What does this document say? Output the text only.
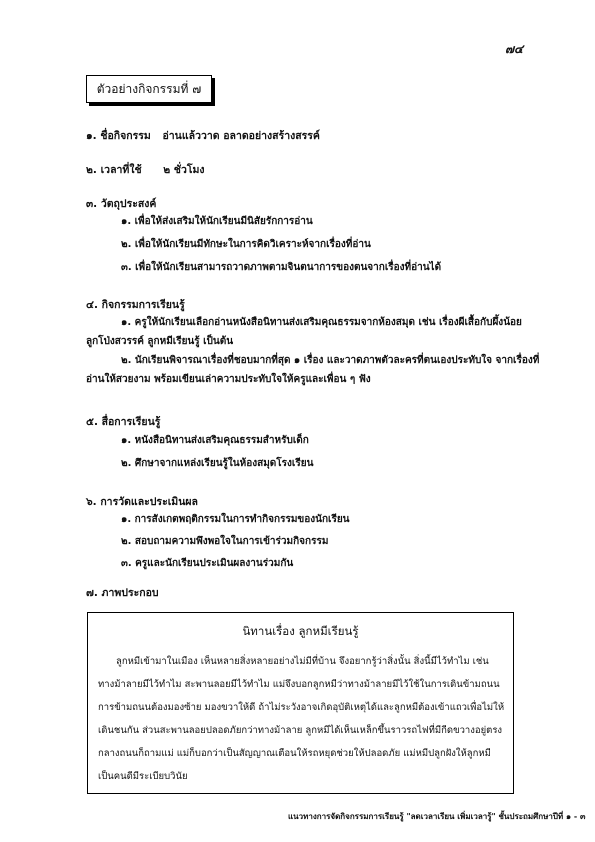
๗๔
ตัวอย่างกิจกรรมที่ ๗
๑. ชื่อกิจกรรม อ่านแล้ววาด อลาดอย่างสร้างสรรค์
๒. เวลาที่ใช้ ๒ ชั่วโมง
๓. วัตถุประสงค์
๑. เพื่อให้ส่งเสริมให้นักเรียนมีนิสัยรักการอ่าน
๒. เพื่อให้นักเรียนมีทักษะในการคิดวิเคราะห์จากเรื่องที่อ่าน
๓. เพื่อให้นักเรียนสามารถวาดภาพตามจินตนาการของตนจากเรื่องที่อ่านได้
๔. กิจกรรมการเรียนรู้
๑. ครูให้นักเรียนเลือกอ่านหนังสือนิทานส่งเสริมคุณธรรมจากห้องสมุด เช่น เรื่องผีเสื้อกับผึ้งน้อย
ลูกโป่งสวรรค์ ลูกหมีเรียนรู้ เป็นต้น
๒. นักเรียนพิจารณาเรื่องที่ชอบมากที่สุด ๑ เรื่อง และวาดภาพตัวละครที่ตนเองประทับใจ จากเรื่องที่
อ่านให้สวยงาม พร้อมเขียนเล่าความประทับใจให้ครูและเพื่อน ๆ ฟัง
๕. สื่อการเรียนรู้
๑. หนังสือนิทานส่งเสริมคุณธรรมสำหรับเด็ก
๒. ศึกษาจากแหล่งเรียนรู้ในห้องสมุดโรงเรียน
๖. การวัดและประเมินผล
๑. การสังเกตพฤติกรรมในการทำกิจกรรมของนักเรียน
๒. สอบถามความพึงพอใจในการเข้าร่วมกิจกรรม
๓. ครูและนักเรียนประเมินผลงานร่วมกัน
๗. ภาพประกอบ
นิทานเรื่อง ลูกหมีเรียนรู้
ลูกหมีเข้ามาในเมือง เห็นหลายสิ่งหลายอย่างไม่มีที่บ้าน จึงอยากรู้ว่าสิ่งนั้น สิ่งนี้มีไว้ทำไม เช่น
ทางม้าลายมีไว้ทำไม สะพานลอยมีไว้ทำไม แม่จึงบอกลูกหมีว่าทางม้าลายมีไว้ใช้ในการเดินข้ามถนน
การข้ามถนนต้องมองซ้าย มองขวาให้ดี ถ้าไม่ระวังอาจเกิดอุบัติเหตุได้และลูกหมีต้องเข้าแถวเพื่อไม่ให้
เดินชนกัน ส่วนสะพานลอยปลอดภัยกว่าทางม้าลาย ลูกหมีได้เห็นเหล็กขึ้นราวรถไฟที่มีกีดขวางอยู่ตรง
กลางถนนก็ถามแม่ แม่ก็บอกว่าเป็นสัญญาณเตือนให้รถหยุดช่วยให้ปลอดภัย แม่หมีปลูกฝังให้ลูกหมี
เป็นคนดีมีระเบียบวินัย
แนวทางการจัดกิจกรรมการเรียนรู้ "ลดเวลาเรียน เพิ่มเวลารู้" ชั้นประถมศึกษาปีที่ ๑ - ๓
